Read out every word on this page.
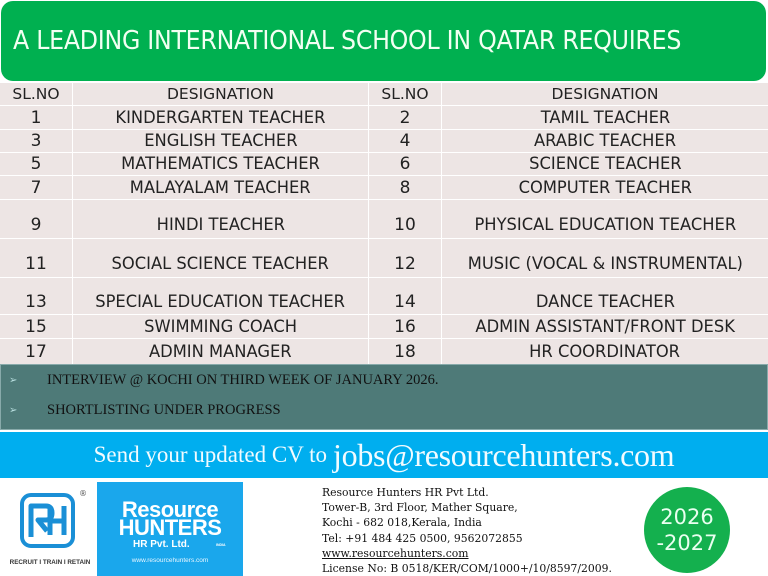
A LEADING INTERNATIONAL SCHOOL IN QATAR REQUIRES
SL.NO	DESIGNATION	SL.NO	DESIGNATION
1	KINDERGARTEN TEACHER	2	TAMIL TEACHER
3	ENGLISH TEACHER	4	ARABIC TEACHER
5	MATHEMATICS TEACHER	6	SCIENCE TEACHER
7	MALAYALAM TEACHER	8	COMPUTER TEACHER
9	HINDI TEACHER	10	PHYSICAL EDUCATION TEACHER
11	SOCIAL SCIENCE TEACHER	12	MUSIC (VOCAL & INSTRUMENTAL)
13	SPECIAL EDUCATION TEACHER	14	DANCE TEACHER
15	SWIMMING COACH	16	ADMIN ASSISTANT/FRONT DESK
17	ADMIN MANAGER	18	HR COORDINATOR
➢ INTERVIEW @ KOCHI ON THIRD WEEK OF JANUARY 2026.
➢ SHORTLISTING UNDER PROGRESS
Send your updated CV to jobs@resourcehunters.com
®
RECRUIT I TRAIN I RETAIN
Resource
HUNTERS
HR Pvt. Ltd.	INDIA
www.resourcehunters.com
Resource Hunters HR Pvt Ltd.
Tower-B, 3rd Floor, Mather Square,
Kochi - 682 018,Kerala, India
Tel: +91 484 425 0500, 9562072855
www.resourcehunters.com
License No: B 0518/KER/COM/1000+/10/8597/2009.
2026
-2027
